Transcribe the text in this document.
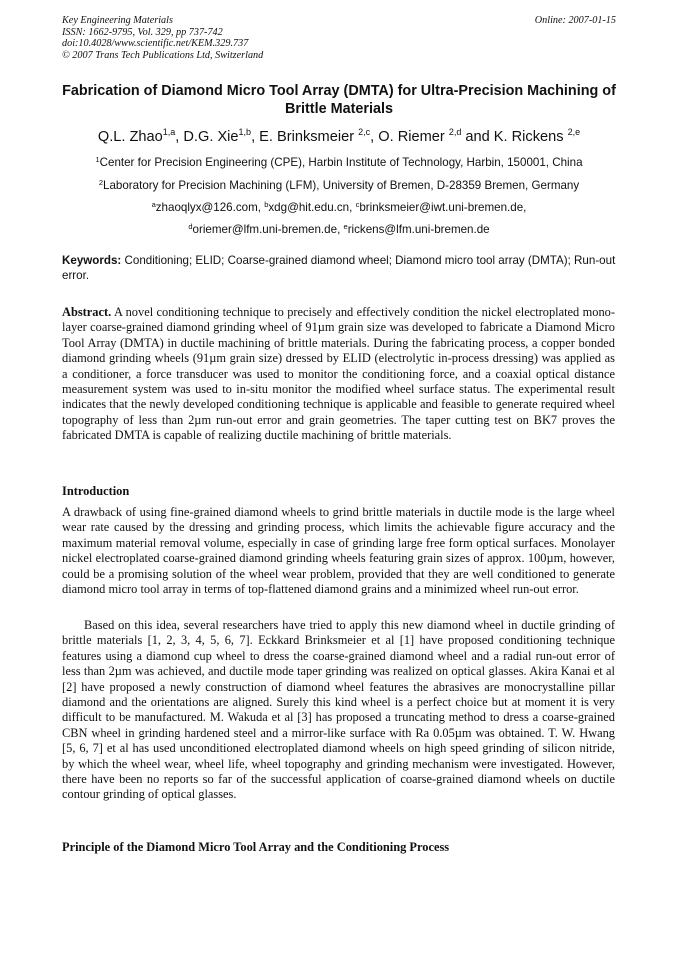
Key Engineering Materials
ISSN: 1662-9795, Vol. 329, pp 737-742
doi:10.4028/www.scientific.net/KEM.329.737
© 2007 Trans Tech Publications Ltd, Switzerland
Online: 2007-01-15
Fabrication of Diamond Micro Tool Array (DMTA) for Ultra-Precision Machining of Brittle Materials
Q.L. Zhao$^{1,a}$, D.G. Xie$^{1,b}$, E. Brinksmeier $^{2,c}$, O. Riemer $^{2,d}$ and K. Rickens $^{2,e}$
$^1$Center for Precision Engineering (CPE), Harbin Institute of Technology, Harbin, 150001, China
$^2$Laboratory for Precision Machining (LFM), University of Bremen, D-28359 Bremen, Germany
$^a$zhaoqlyx@126.com, $^b$xdg@hit.edu.cn, $^c$brinksmeier@iwt.uni-bremen.de,
$^d$oriemer@lfm.uni-bremen.de, $^e$rickens@lfm.uni-bremen.de
Keywords: Conditioning; ELID; Coarse-grained diamond wheel; Diamond micro tool array (DMTA); Run-out error.
Abstract. A novel conditioning technique to precisely and effectively condition the nickel electroplated mono-layer coarse-grained diamond grinding wheel of 91µm grain size was developed to fabricate a Diamond Micro Tool Array (DMTA) in ductile machining of brittle materials. During the fabricating process, a copper bonded diamond grinding wheels (91µm grain size) dressed by ELID (electrolytic in-process dressing) was applied as a conditioner, a force transducer was used to monitor the conditioning force, and a coaxial optical distance measurement system was used to in-situ monitor the modified wheel surface status. The experimental result indicates that the newly developed conditioning technique is applicable and feasible to generate required wheel topography of less than 2µm run-out error and grain geometries. The taper cutting test on BK7 proves the fabricated DMTA is capable of realizing ductile machining of brittle materials.
Introduction
A drawback of using fine-grained diamond wheels to grind brittle materials in ductile mode is the large wheel wear rate caused by the dressing and grinding process, which limits the achievable figure accuracy and the maximum material removal volume, especially in case of grinding large free form optical surfaces. Monolayer nickel electroplated coarse-grained diamond grinding wheels featuring grain sizes of approx. 100µm, however, could be a promising solution of the wheel wear problem, provided that they are well conditioned to generate diamond micro tool array in terms of top-flattened diamond grains and a minimized wheel run-out error.
Based on this idea, several researchers have tried to apply this new diamond wheel in ductile grinding of brittle materials [1, 2, 3, 4, 5, 6, 7]. Eckkard Brinksmeier et al [1] have proposed conditioning technique features using a diamond cup wheel to dress the coarse-grained diamond wheel and a radial run-out error of less than 2µm was achieved, and ductile mode taper grinding was realized on optical glasses. Akira Kanai et al [2] have proposed a newly construction of diamond wheel features the abrasives are monocrystalline pillar diamond and the orientations are aligned. Surely this kind wheel is a perfect choice but at moment it is very difficult to be manufactured. M. Wakuda et al [3] has proposed a truncating method to dress a coarse-grained CBN wheel in grinding hardened steel and a mirror-like surface with Ra 0.05µm was obtained. T. W. Hwang [5, 6, 7] et al has used unconditioned electroplated diamond wheels on high speed grinding of silicon nitride, by which the wheel wear, wheel life, wheel topography and grinding mechanism were investigated. However, there have been no reports so far of the successful application of coarse-grained diamond wheels on ductile contour grinding of optical glasses.
Principle of the Diamond Micro Tool Array and the Conditioning Process
